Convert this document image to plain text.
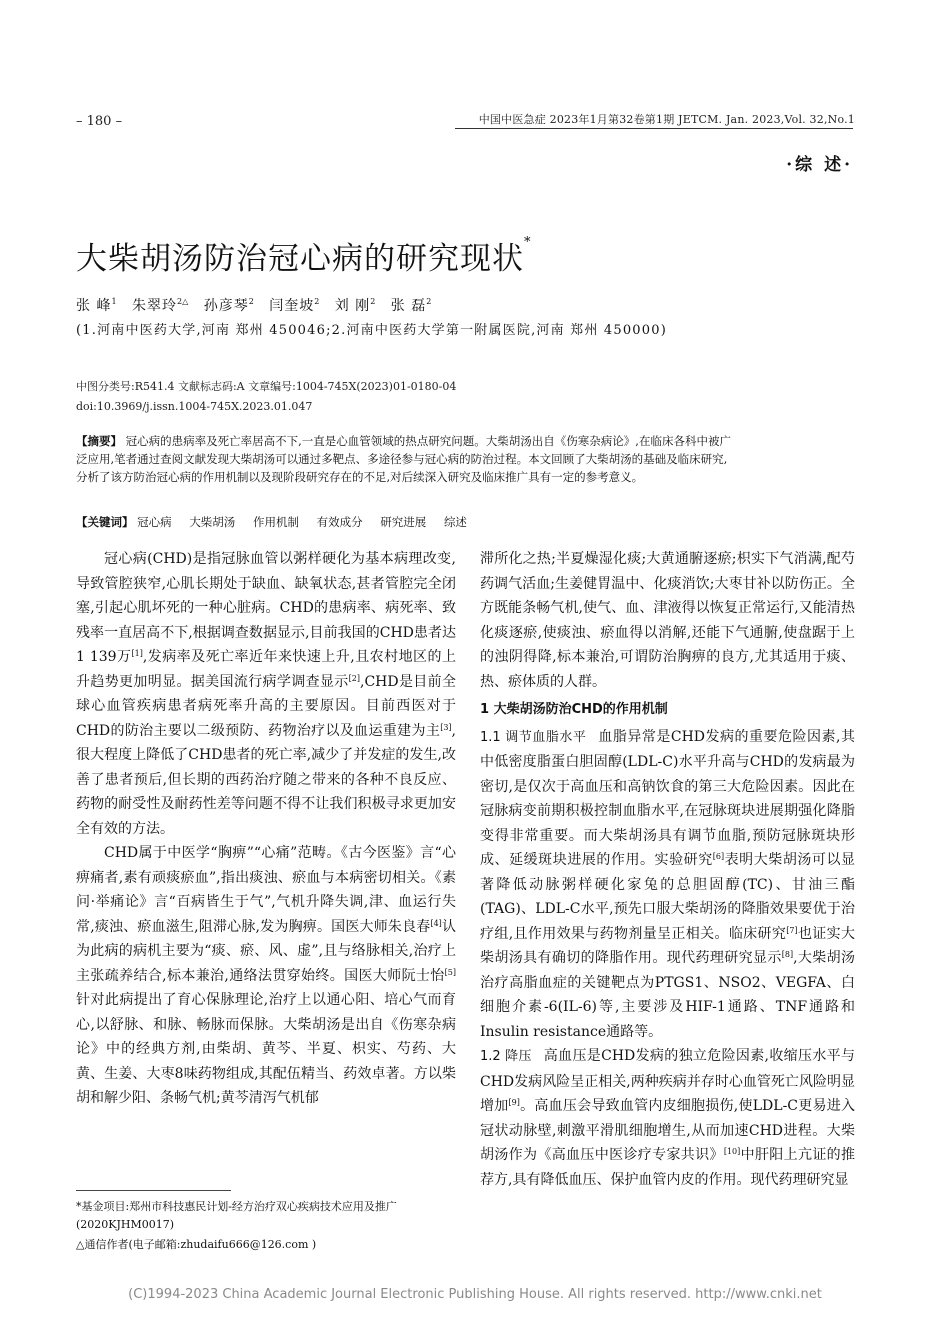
– 180 –	中国中医急症 2023年1月第32卷第1期 JETCM. Jan. 2023,Vol. 32,No.1
·综 述·
大柴胡汤防治冠心病的研究现状*
张 峰$^1$ 朱翠玲$^{2\triangle}$ 孙彦琴$^2$ 闫奎坡$^2$ 刘 刚$^2$ 张 磊$^2$
(1.河南中医药大学,河南 郑州 450046;2.河南中医药大学第一附属医院,河南 郑州 450000)
中图分类号:R541.4 文献标志码:A 文章编号:1004-745X(2023)01-0180-04
doi:10.3969/j.issn.1004-745X.2023.01.047
【摘要】 冠心病的患病率及死亡率居高不下,一直是心血管领域的热点研究问题。大柴胡汤出自《伤寒杂病论》,在临床各科中被广泛应用,笔者通过查阅文献发现大柴胡汤可以通过多靶点、多途径参与冠心病的防治过程。本文回顾了大柴胡汤的基础及临床研究,分析了该方防治冠心病的作用机制以及现阶段研究存在的不足,对后续深入研究及临床推广具有一定的参考意义。
【关键词】 冠心病 大柴胡汤 作用机制 有效成分 研究进展 综述

冠心病(CHD)是指冠脉血管以粥样硬化为基本病理改变,导致管腔狭窄,心肌长期处于缺血、缺氧状态,甚者管腔完全闭塞,引起心肌坏死的一种心脏病。CHD的患病率、病死率、致残率一直居高不下,根据调查数据显示,目前我国的CHD患者达1 139万[1],发病率及死亡率近年来快速上升,且农村地区的上升趋势更加明显。据美国流行病学调查显示[2],CHD是目前全球心血管疾病患者病死率升高的主要原因。目前西医对于CHD的防治主要以二级预防、药物治疗以及血运重建为主[3],很大程度上降低了CHD患者的死亡率,减少了并发症的发生,改善了患者预后,但长期的西药治疗随之带来的各种不良反应、药物的耐受性及耐药性差等问题不得不让我们积极寻求更加安全有效的方法。

CHD属于中医学“胸痹”“心痛”范畴。《古今医鉴》言“心痹痛者,素有顽痰瘀血”,指出痰浊、瘀血与本病密切相关。《素问·举痛论》言“百病皆生于气”,气机升降失调,津、血运行失常,痰浊、瘀血滋生,阻滞心脉,发为胸痹。国医大师朱良春[4]认为此病的病机主要为“痰、瘀、风、虚”,且与络脉相关,治疗上主张疏养结合,标本兼治,通络法贯穿始终。国医大师阮士怡[5]针对此病提出了育心保脉理论,治疗上以通心阳、培心气而育心,以舒脉、和脉、畅脉而保脉。大柴胡汤是出自《伤寒杂病论》中的经典方剂,由柴胡、黄芩、半夏、枳实、芍药、大黄、生姜、大枣8味药物组成,其配伍精当、药效卓著。方以柴胡和解少阳、条畅气机;黄芩清泻气机郁

滞所化之热;半夏燥湿化痰;大黄通腑逐瘀;枳实下气消满,配芍药调气活血;生姜健胃温中、化痰消饮;大枣甘补以防伤正。全方既能条畅气机,使气、血、津液得以恢复正常运行,又能清热化痰逐瘀,使痰浊、瘀血得以消解,还能下气通腑,使盘踞于上的浊阴得降,标本兼治,可谓防治胸痹的良方,尤其适用于痰、热、瘀体质的人群。

1 大柴胡汤防治CHD的作用机制

1.1 调节血脂水平 血脂异常是CHD发病的重要危险因素,其中低密度脂蛋白胆固醇(LDL-C)水平升高与CHD的发病最为密切,是仅次于高血压和高钠饮食的第三大危险因素。因此在冠脉病变前期积极控制血脂水平,在冠脉斑块进展期强化降脂变得非常重要。而大柴胡汤具有调节血脂,预防冠脉斑块形成、延缓斑块进展的作用。实验研究[6]表明大柴胡汤可以显著降低动脉粥样硬化家兔的总胆固醇(TC)、甘油三酯(TAG)、LDL-C水平,预先口服大柴胡汤的降脂效果要优于治疗组,且作用效果与药物剂量呈正相关。临床研究[7]也证实大柴胡汤具有确切的降脂作用。现代药理研究显示[8],大柴胡汤治疗高脂血症的关键靶点为PTGS1、NSO2、VEGFA、白细胞介素-6(IL-6)等,主要涉及HIF-1通路、TNF通路和Insulin resistance通路等。

1.2 降压 高血压是CHD发病的独立危险因素,收缩压水平与CHD发病风险呈正相关,两种疾病并存时心血管死亡风险明显增加[9]。高血压会导致血管内皮细胞损伤,使LDL-C更易进入冠状动脉壁,刺激平滑肌细胞增生,从而加速CHD进程。大柴胡汤作为《高血压中医诊疗专家共识》[10]中肝阳上亢证的推荐方,具有降低血压、保护血管内皮的作用。现代药理研究显

*基金项目:郑州市科技惠民计划-经方治疗双心疾病技术应用及推广(2020KJHM0017)
△通信作者(电子邮箱:zhudaifu666@126.com )
(C)1994-2023 China Academic Journal Electronic Publishing House. All rights reserved. http://www.cnki.net
